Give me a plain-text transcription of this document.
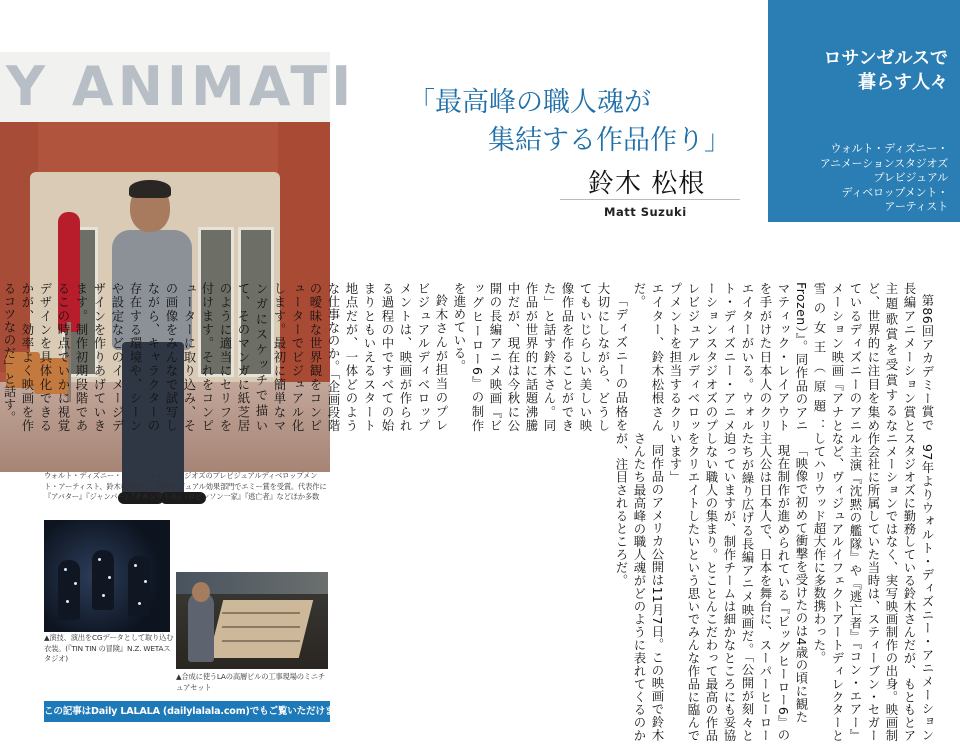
Y ANIMATI
ウォルト・ディズニー・アニメーションスタジオズのプレビジュアルディベロップメント・アーティスト、鈴木松根さん。特殊ビジュアル効果部門でエミー賞を受賞。代表作に『アバター』『ジャンパー』『チキンリトル』『ロビンソン一家』『逃亡者』などほか多数
▲演技、演出をCGデータとして取り込む衣装。(『TIN TIN の冒険』N.Z. WETAスタジオ)
▲合成に使うLAの高層ビルの工事現場のミニチュアセット
この記事はDaily LALALA (dailylalala.com)でもご覧いただけます。
「最高峰の職人魂が
集結する作品作り」
鈴木 松根
Matt Suzuki
ロサンゼルスで
暮らす人々
ウォルト・ディズニー・
アニメーションスタジオズ
プレビジュアル
ディベロップメント・
アーティスト

第86回アカデミー賞で長編アニメーション賞と主題歌賞を受賞するなど、世界的に注目を集めているディズニーのアニメーション映画『アナと雪の女王（原題：Frozen）』。同作品のアニマティック・レイアウトを手がけた日本人のクリエイターがいる。ウォルト・ディズニー・アニメーションスタジオズのプレビジュアルディベロップメントを担当するクリエイター、鈴木松根さんだ。

「ディズニーの品格を大切にしながら、どうしてもいじらしい美しい映像作品を作ることができた」と話す鈴木さん。同作品が世界的に話題沸騰中だが、現在は今秋に公開の長編アニメ映画『ビッグヒーロー6』の制作を進めている。

鈴木さんが担当のプレビジュアルディベロップメントは、映画が作られる過程の中ですべての始まりともいえるスタート地点だが、一体どのような仕事なのか。「企画段階の曖昧な世界観をコンピューターでビジュアル化します。最初に簡単なマンガにスケッチで描いて、そのマンガに紙芝居のように適当にセリフを付けます。それをコンピューターに取り込み、その画像をみんなで試写しながら、キャラクターの存在する環境や、シーンや設定などのイメージデザインを作りあげていきます。制作初期段階であるこの時点でいかに視覚デザインを具体化できるかが、効率よく映画を作るコツなのだ」と話す。

97年よりウォルト・ディズニー・アニメーションスタジオズに勤務している鈴木さんだが、もともとアニメーションではなく、実写映画制作の出身。映画制作会社に所属していた当時は、スティーブン・セガール主演『沈黙の艦隊』や『逃亡者』『コン・エアー』など、ヴィジュアルイフェクトアートディレクターとしてハリウッド超大作に多数携わった。

「映像で初めて衝撃を受けたのは4歳の頃に観た

現在制作が進められている『ビッグヒーロー6』の主人公は日本人で、日本を舞台に、スーパーヒーローたちが繰り広げる長編アニメ映画だ。「公開が刻々と迫っていますが、制作チームは細かなところにも妥協しない職人の集まり。とことんこだわって最高の作品をクリエイトしたいという思いでみんな作品に臨んでいます」

同作品のアメリカ公開は11月7日。この映画で鈴木さんたち最高峰の職人魂がどのように表れてくるのかが、注目されるところだ。
